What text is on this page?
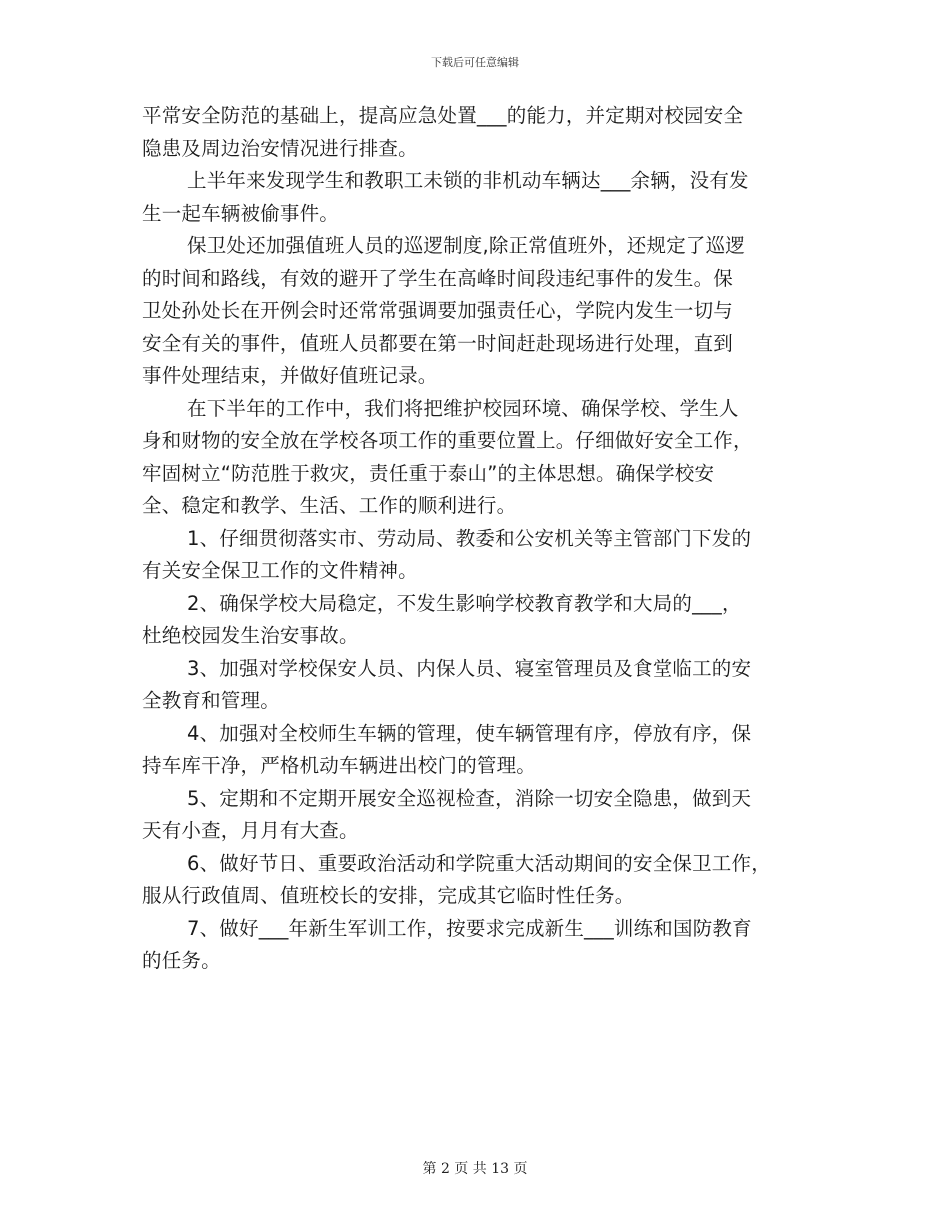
下载后可任意编辑
平常安全防范的基础上，提高应急处置___的能力，并定期对校园安全
隐患及周边治安情况进行排查。
上半年来发现学生和教职工未锁的非机动车辆达___余辆，没有发
生一起车辆被偷事件。
保卫处还加强值班人员的巡逻制度,除正常值班外，还规定了巡逻
的时间和路线，有效的避开了学生在高峰时间段违纪事件的发生。保
卫处孙处长在开例会时还常常强调要加强责任心，学院内发生一切与
安全有关的事件，值班人员都要在第一时间赶赴现场进行处理，直到
事件处理结束，并做好值班记录。
在下半年的工作中，我们将把维护校园环境、确保学校、学生人
身和财物的安全放在学校各项工作的重要位置上。仔细做好安全工作，
牢固树立“防范胜于救灾，责任重于泰山”的主体思想。确保学校安
全、稳定和教学、生活、工作的顺利进行。
1、仔细贯彻落实市、劳动局、教委和公安机关等主管部门下发的
有关安全保卫工作的文件精神。
2、确保学校大局稳定，不发生影响学校教育教学和大局的___，
杜绝校园发生治安事故。
3、加强对学校保安人员、内保人员、寝室管理员及食堂临工的安
全教育和管理。
4、加强对全校师生车辆的管理，使车辆管理有序，停放有序，保
持车库干净，严格机动车辆进出校门的管理。
5、定期和不定期开展安全巡视检查，消除一切安全隐患，做到天
天有小查，月月有大查。
6、做好节日、重要政治活动和学院重大活动期间的安全保卫工作，
服从行政值周、值班校长的安排，完成其它临时性任务。
7、做好___年新生军训工作，按要求完成新生___训练和国防教育
的任务。
第 2 页 共 13 页
